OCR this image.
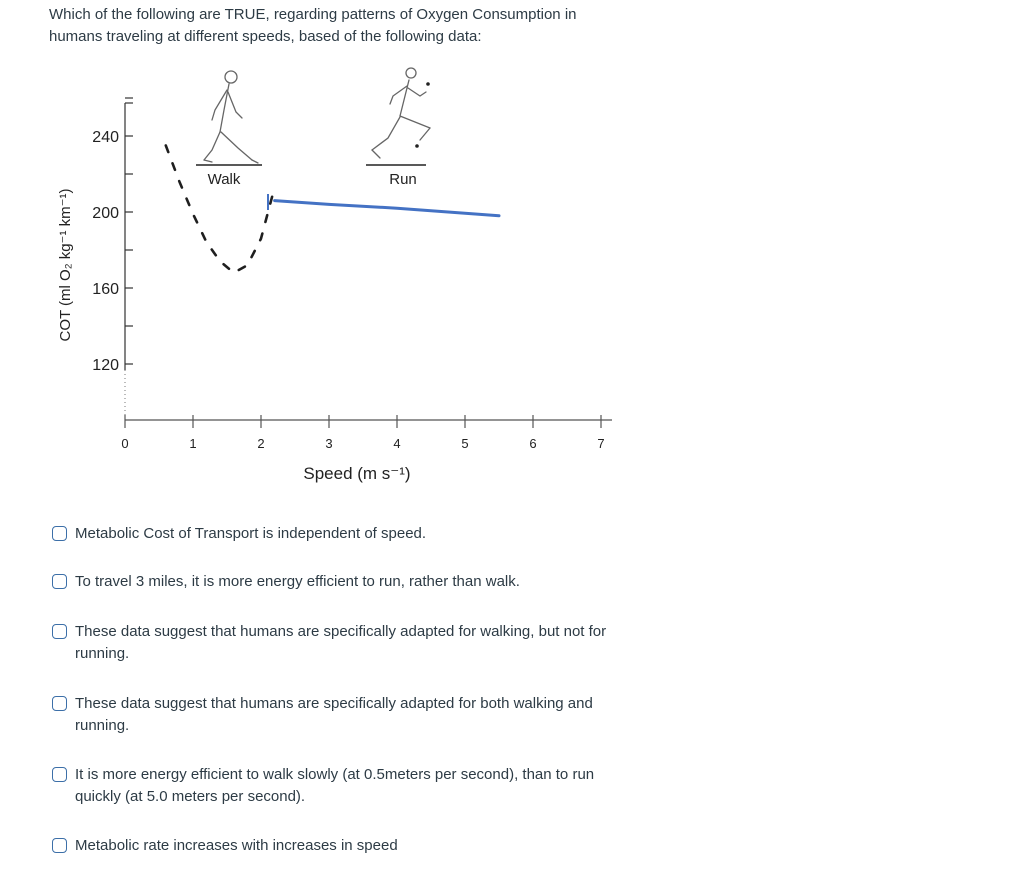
Which of the following are TRUE, regarding patterns of Oxygen Consumption in humans traveling at different speeds, based of the following data:
COT (ml O₂ kg⁻¹ km⁻¹)
Speed (m s⁻¹)
120
160
200
240
0	1	2	3	4	5	6	7
Walk	Run
Metabolic Cost of Transport is independent of speed.
To travel 3 miles, it is more energy efficient to run, rather than walk.
These data suggest that humans are specifically adapted for walking, but not for running.
These data suggest that humans are specifically adapted for both walking and running.
It is more energy efficient to walk slowly (at 0.5meters per second), than to run quickly (at 5.0 meters per second).
Metabolic rate increases with increases in speed
